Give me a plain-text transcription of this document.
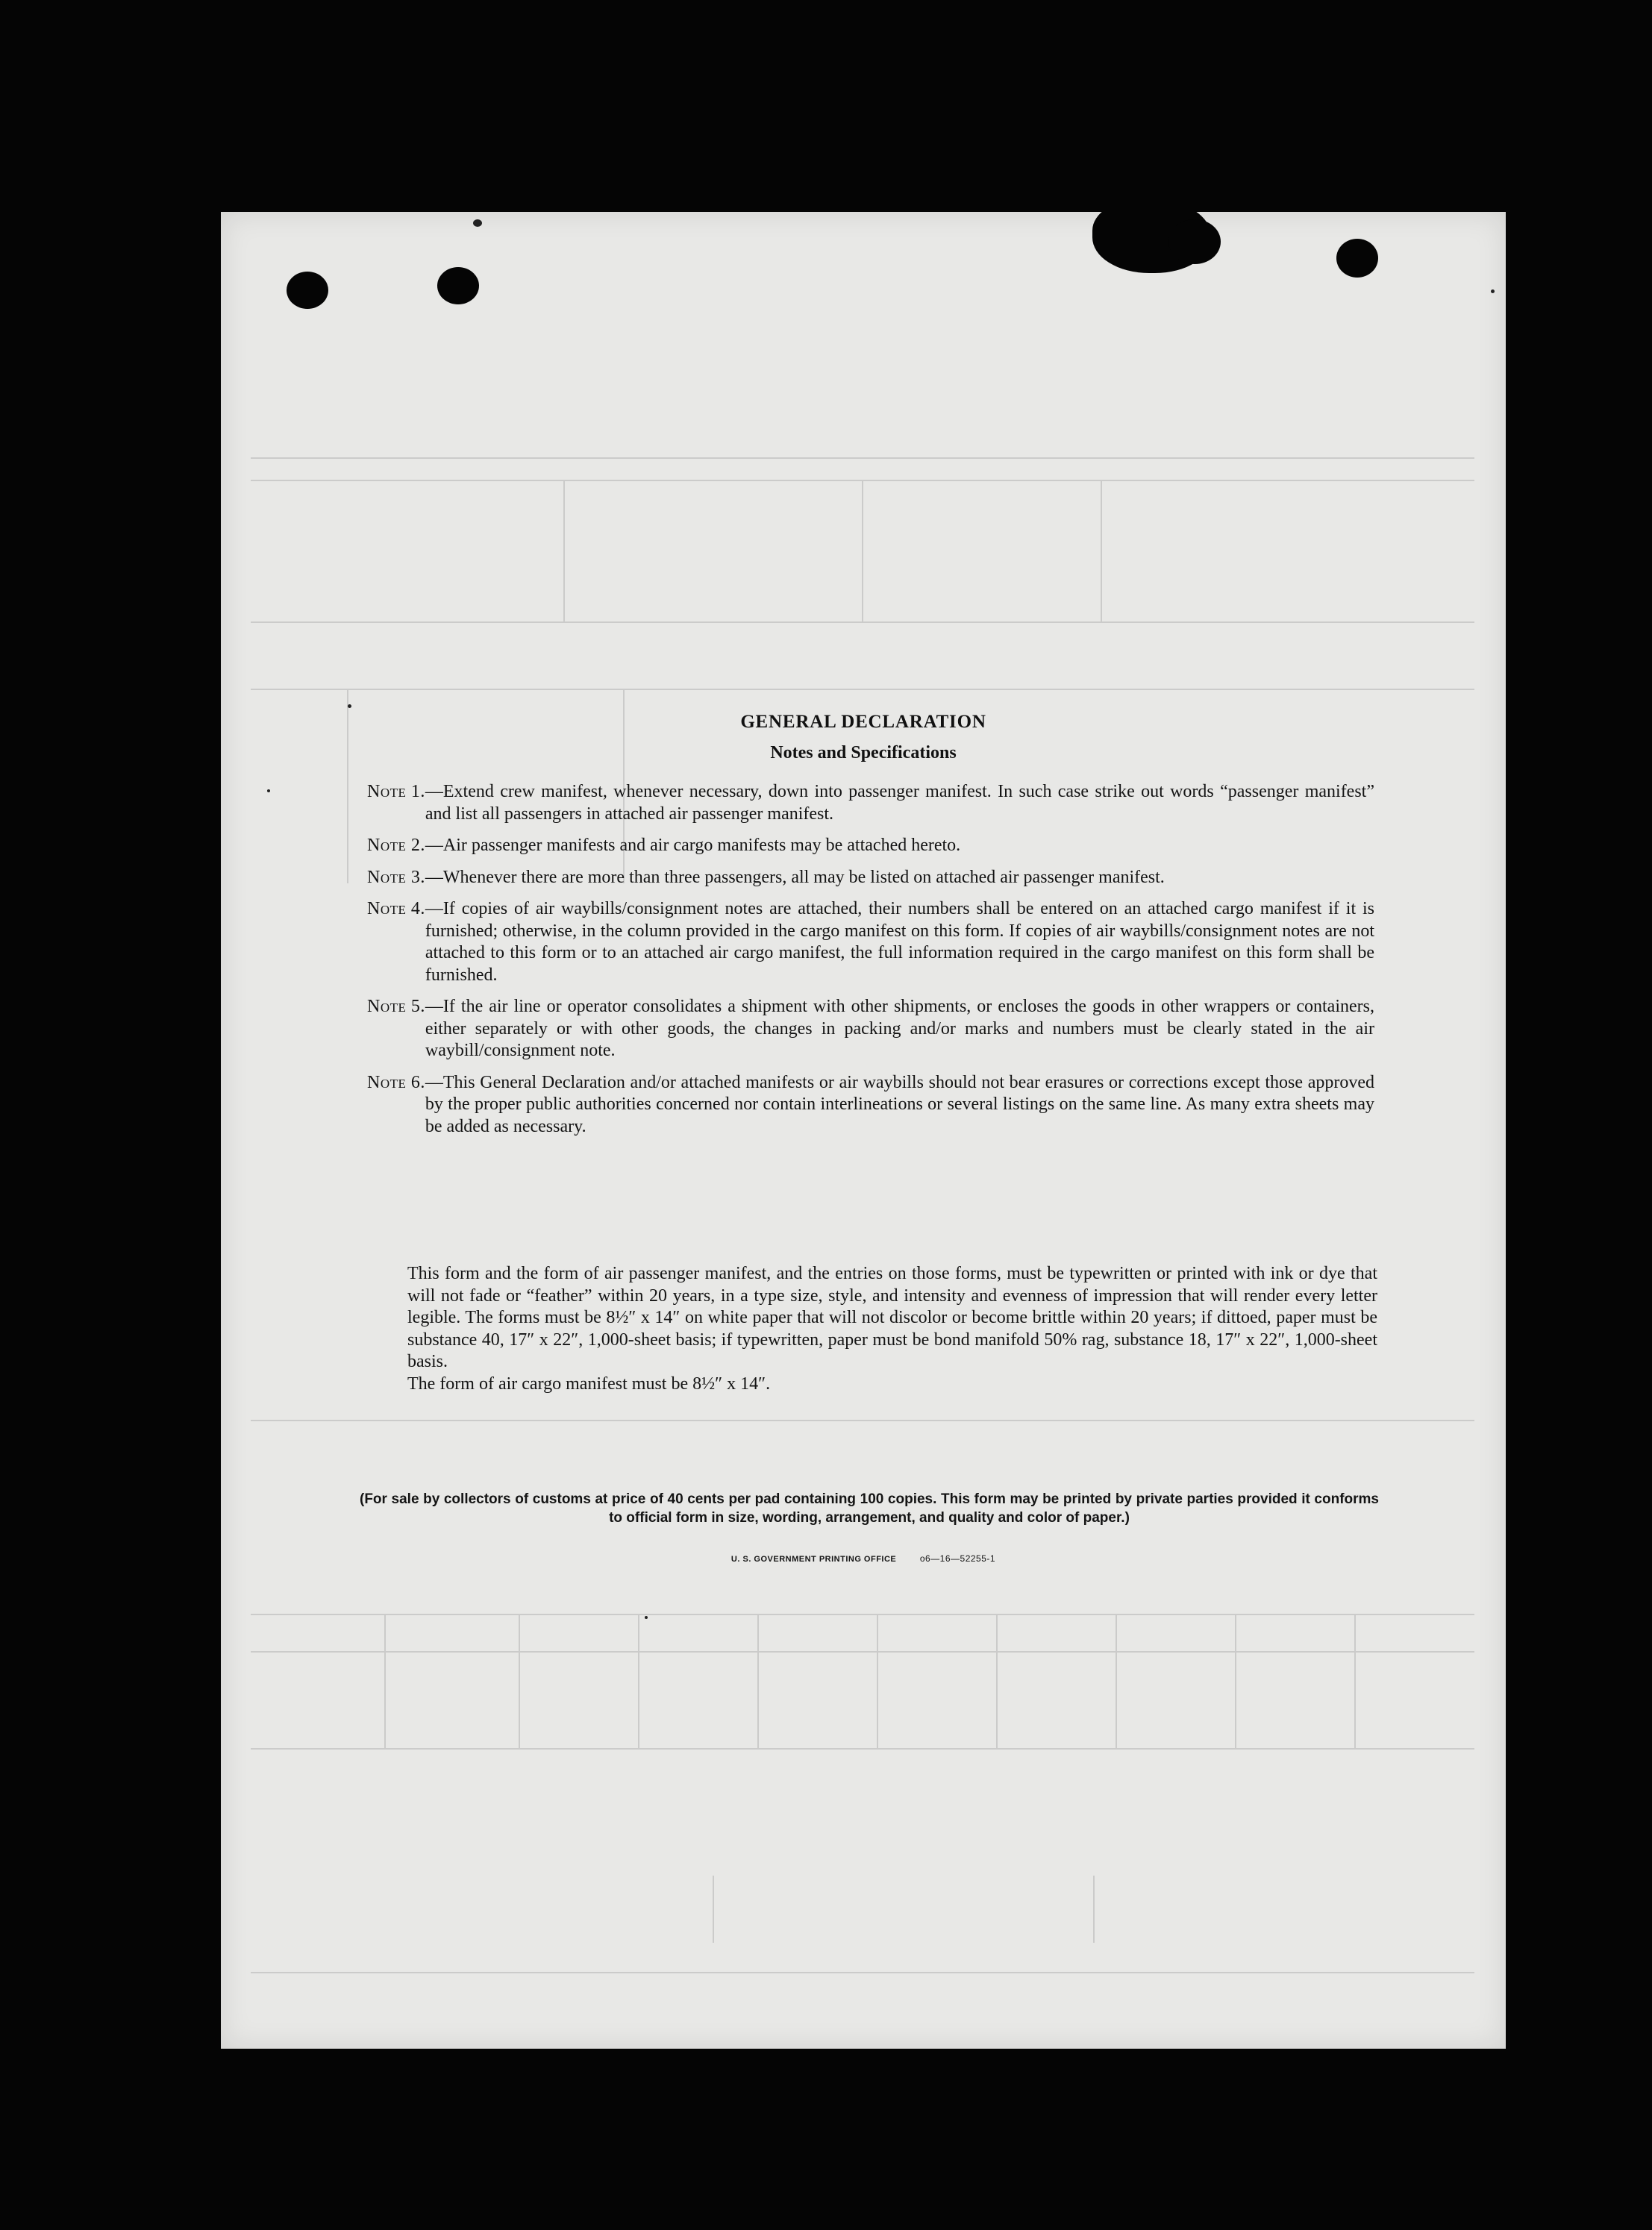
GENERAL DECLARATION
Notes and Specifications
Note 1. —Extend crew manifest, whenever necessary, down into passenger manifest. In such case strike out words “passenger manifest” and list all passengers in attached air passenger manifest.
Note 2. —Air passenger manifests and air cargo manifests may be attached hereto.
Note 3. —Whenever there are more than three passengers, all may be listed on attached air passenger manifest.
Note 4. —If copies of air waybills/consignment notes are attached, their numbers shall be entered on an attached cargo manifest if it is furnished; otherwise, in the column provided in the cargo manifest on this form. If copies of air waybills/consignment notes are not attached to this form or to an attached air cargo manifest, the full information required in the cargo manifest on this form shall be furnished.
Note 5. —If the air line or operator consolidates a shipment with other shipments, or encloses the goods in other wrappers or containers, either separately or with other goods, the changes in packing and/or marks and numbers must be clearly stated in the air waybill/consignment note.
Note 6. —This General Declaration and/or attached manifests or air waybills should not bear erasures or corrections except those approved by the proper public authorities concerned nor contain interlineations or several listings on the same line. As many extra sheets may be added as necessary.
This form and the form of air passenger manifest, and the entries on those forms, must be typewritten or printed with ink or dye that will not fade or “feather” within 20 years, in a type size, style, and intensity and evenness of impression that will render every letter legible. The forms must be 8½″ x 14″ on white paper that will not discolor or become brittle within 20 years; if dittoed, paper must be substance 40, 17″ x 22″, 1,000-sheet basis; if typewritten, paper must be bond manifold 50% rag, substance 18, 17″ x 22″, 1,000-sheet basis.
The form of air cargo manifest must be 8½″ x 14″.
(For sale by collectors of customs at price of 40 cents per pad containing 100 copies. This form may be printed by private parties provided it conforms to official form in size, wording, arrangement, and quality and color of paper.)
U. S. GOVERNMENT PRINTING OFFICE	o6—16—52255-1
